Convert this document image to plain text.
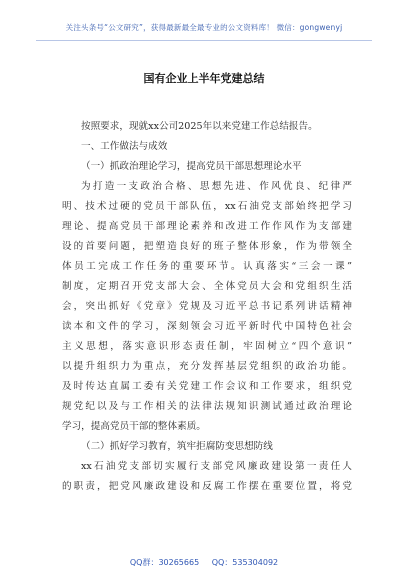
关注头条号“公文研究”，获得最新最全最专业的公文资料库！ 微信：gongwenyj
国有企业上半年党建总结
按照要求，现就xx公司2025年以来党建工作总结报告。
一、工作做法与成效
（一）抓政治理论学习，提高党员干部思想理论水平
为打造一支政治合格、思想先进、作风优良、纪律严
明、技术过硬的党员干部队伍，xx石油党支部始终把学习
理论、提高党员干部理论素养和改进工作作风作为支部建
设的首要问题，把塑造良好的班子整体形象，作为带领全
体员工完成工作任务的重要环节。认真落实“三会一课”
制度，定期召开党支部大会、全体党员大会和党组织生活
会，突出抓好《党章》党规及习近平总书记系列讲话精神
读本和文件的学习，深刻领会习近平新时代中国特色社会
主义思想，落实意识形态责任制，牢固树立“四个意识”
以提升组织力为重点，充分发挥基层党组织的政治功能。
及时传达直属工委有关党建工作会议和工作要求，组织党
规党纪以及与工作相关的法律法规知识测试通过政治理论
学习，提高党员干部的整体素质。
（二）抓好学习教育，筑牢拒腐防变思想防线
xx石油党支部切实履行支部党风廉政建设第一责任人
的职责，把党风廉政建设和反腐工作摆在重要位置，将党
QQ群：30265665 QQ：535304092
